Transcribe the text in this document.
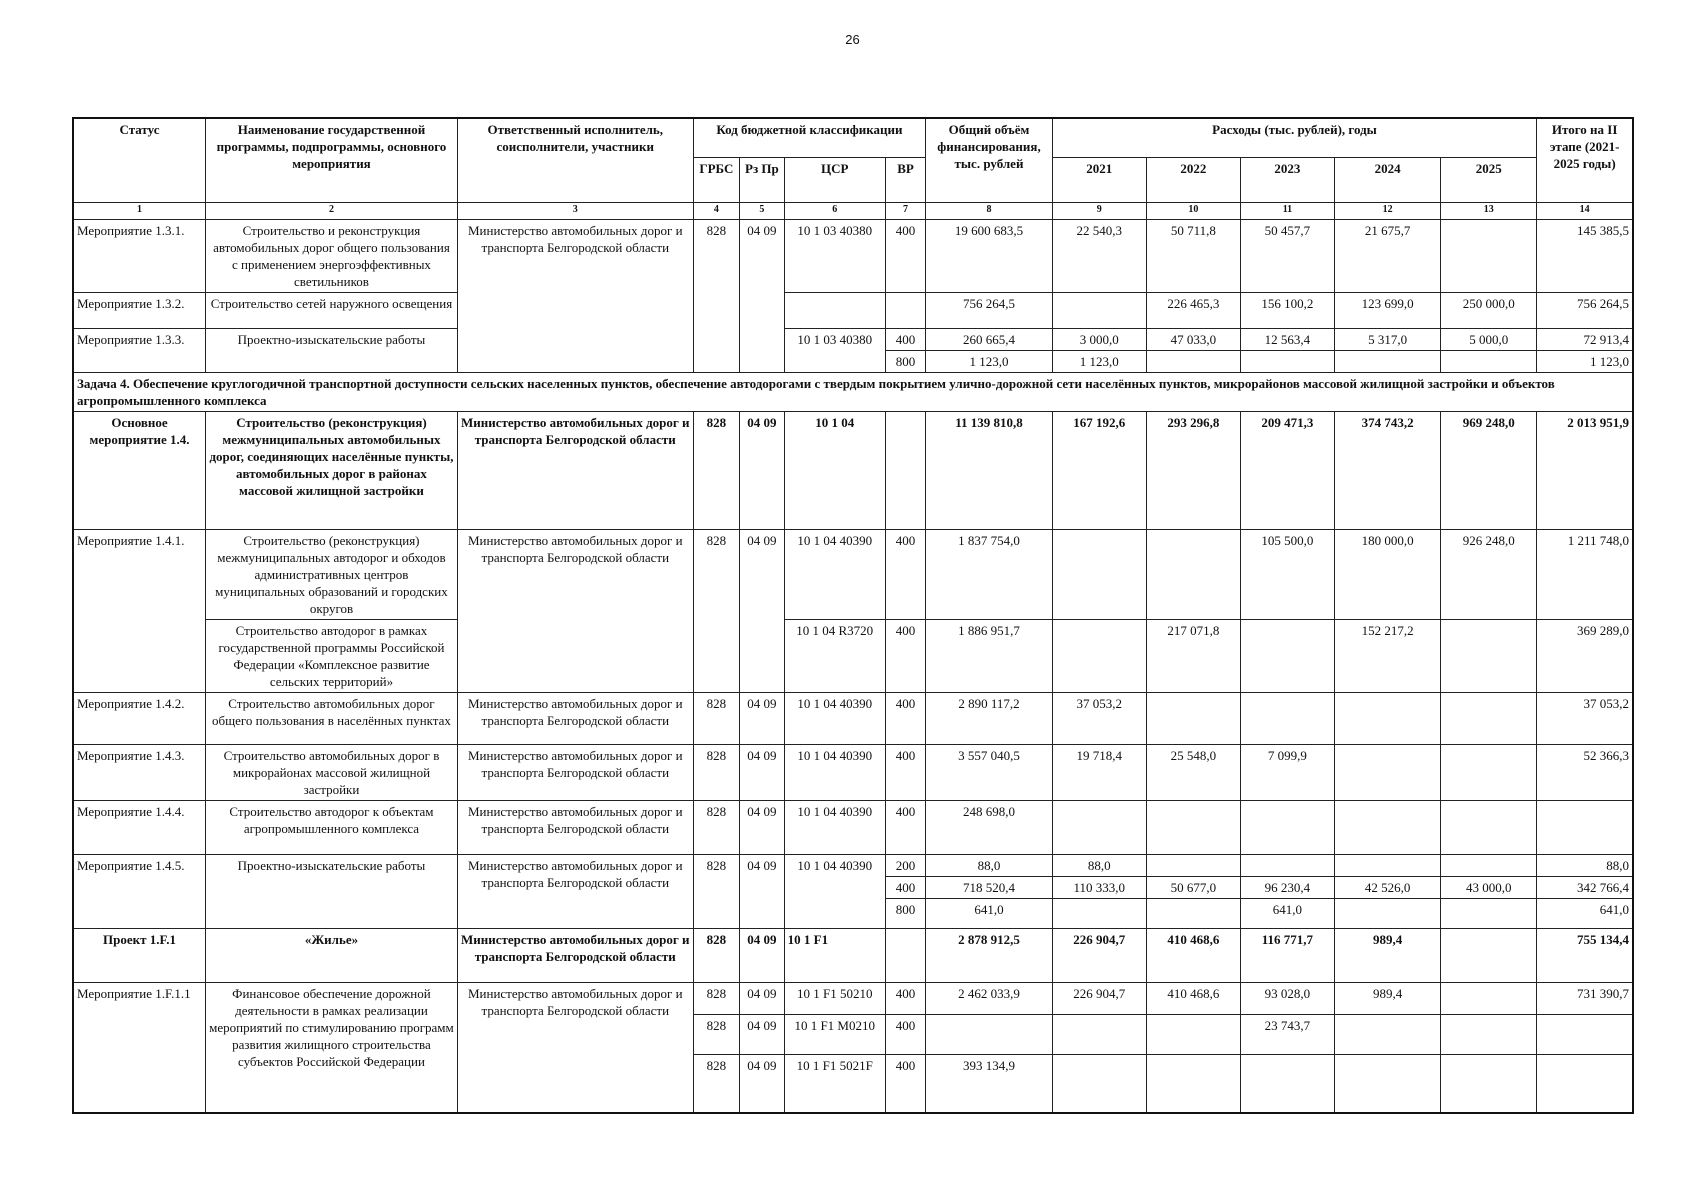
26
Статус	Наименование государственной программы, подпрограммы, основного мероприятия	Ответственный исполнитель, соисполнители, участники	Код бюджетной классификации				Общий объём финансирования, тыс. рублей	Расходы (тыс. рублей), годы					Итого на II этапе (2021-2025 годы)
			ГРБС	Рз Пр	ЦСР	ВР		2021	2022	2023	2024	2025	
1	2	3	4	5	6	7	8	9	10	11	12	13	14
Мероприятие 1.3.1.	Строительство и реконструкция автомобильных дорог общего пользования с применением энергоэффективных светильников	Министерство автомобильных дорог и транспорта Белгородской области	828	04 09	10 1 03 40380	400	19 600 683,5	22 540,3	50 711,8	50 457,7	21 675,7		145 385,5
Мероприятие 1.3.2.	Строительство сетей наружного освещения						756 264,5		226 465,3	156 100,2	123 699,0	250 000,0	756 264,5
Мероприятие 1.3.3.	Проектно-изыскательские работы				10 1 03 40380	400	260 665,4	3 000,0	47 033,0	12 563,4	5 317,0	5 000,0	72 913,4
						800	1 123,0	1 123,0					1 123,0
Задача 4. Обеспечение круглогодичной транспортной доступности сельских населенных пунктов, обеспечение автодорогами с твердым покрытием улично-дорожной сети населённых пунктов, микрорайонов массовой жилищной застройки и объектов агропромышленного комплекса													
Основное мероприятие 1.4.	Строительство (реконструкция) межмуниципальных автомобильных дорог, соединяющих населённые пункты, автомобильных дорог в районах массовой жилищной застройки	Министерство автомобильных дорог и транспорта Белгородской области	828	04 09	10 1 04		11 139 810,8	167 192,6	293 296,8	209 471,3	374 743,2	969 248,0	2 013 951,9
Мероприятие 1.4.1.	Строительство (реконструкция) межмуниципальных автодорог и обходов административных центров муниципальных образований и городских округов	Министерство автомобильных дорог и транспорта Белгородской области	828	04 09	10 1 04 40390	400	1 837 754,0			105 500,0	180 000,0	926 248,0	1 211 748,0
	Строительство автодорог в рамках государственной программы Российской Федерации «Комплексное развитие сельских территорий»				10 1 04 R3720	400	1 886 951,7		217 071,8		152 217,2		369 289,0
Мероприятие 1.4.2.	Строительство автомобильных дорог общего пользования в населённых пунктах	Министерство автомобильных дорог и транспорта Белгородской области	828	04 09	10 1 04 40390	400	2 890 117,2	37 053,2					37 053,2
Мероприятие 1.4.3.	Строительство автомобильных дорог в микрорайонах массовой жилищной застройки	Министерство автомобильных дорог и транспорта Белгородской области	828	04 09	10 1 04 40390	400	3 557 040,5	19 718,4	25 548,0	7 099,9			52 366,3
Мероприятие 1.4.4.	Строительство автодорог к объектам агропромышленного комплекса	Министерство автомобильных дорог и транспорта Белгородской области	828	04 09	10 1 04 40390	400	248 698,0						
Мероприятие 1.4.5.	Проектно-изыскательские работы	Министерство автомобильных дорог и транспорта Белгородской области	828	04 09	10 1 04 40390	200	88,0	88,0					88,0
						400	718 520,4	110 333,0	50 677,0	96 230,4	42 526,0	43 000,0	342 766,4
						800	641,0			641,0			641,0
Проект 1.F.1	«Жилье»	Министерство автомобильных дорог и транспорта Белгородской области	828	04 09	10 1 F1		2 878 912,5	226 904,7	410 468,6	116 771,7	989,4		755 134,4
Мероприятие 1.F.1.1	Финансовое обеспечение дорожной деятельности в рамках реализации мероприятий по стимулированию программ развития жилищного строительства субъектов Российской Федерации	Министерство автомобильных дорог и транспорта Белгородской области	828	04 09	10 1 F1 50210	400	2 462 033,9	226 904,7	410 468,6	93 028,0	989,4		731 390,7
			828	04 09	10 1 F1 M0210	400				23 743,7			
			828	04 09	10 1 F1 5021F	400	393 134,9						
